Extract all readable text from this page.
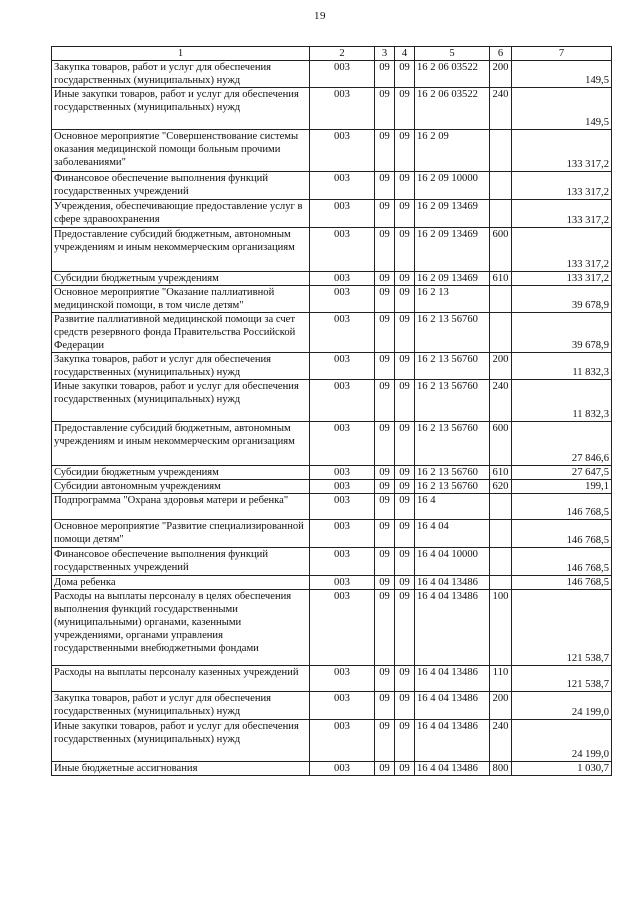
19
1	2	3	4	5	6	7
Закупка товаров, работ и услуг для обеспечения государственных (муниципальных) нужд	003	09	09	16 2 06 03522	200	149,5
Иные закупки товаров, работ и услуг для обеспечения государственных (муниципальных) нужд	003	09	09	16 2 06 03522	240	149,5
Основное мероприятие "Совершенствование системы оказания медицинской помощи больным прочими заболеваниями"	003	09	09	16 2 09		133 317,2
Финансовое обеспечение выполнения функций государственных учреждений	003	09	09	16 2 09 10000		133 317,2
Учреждения, обеспечивающие предоставление услуг в сфере здравоохранения	003	09	09	16 2 09 13469		133 317,2
Предоставление субсидий бюджетным, автономным учреждениям и иным некоммерческим организациям	003	09	09	16 2 09 13469	600	133 317,2
Субсидии бюджетным учреждениям	003	09	09	16 2 09 13469	610	133 317,2
Основное мероприятие "Оказание паллиативной медицинской помощи, в том числе детям"	003	09	09	16 2 13		39 678,9
Развитие паллиативной медицинской помощи за счет средств резервного фонда Правительства Российской Федерации	003	09	09	16 2 13 56760		39 678,9
Закупка товаров, работ и услуг для обеспечения государственных (муниципальных) нужд	003	09	09	16 2 13 56760	200	11 832,3
Иные закупки товаров, работ и услуг для обеспечения государственных (муниципальных) нужд	003	09	09	16 2 13 56760	240	11 832,3
Предоставление субсидий бюджетным, автономным учреждениям и иным некоммерческим организациям	003	09	09	16 2 13 56760	600	27 846,6
Субсидии бюджетным учреждениям	003	09	09	16 2 13 56760	610	27 647,5
Субсидии автономным учреждениям	003	09	09	16 2 13 56760	620	199,1
Подпрограмма "Охрана здоровья матери и ребенка"	003	09	09	16 4		146 768,5
Основное мероприятие "Развитие специализированной помощи детям"	003	09	09	16 4 04		146 768,5
Финансовое обеспечение выполнения функций государственных учреждений	003	09	09	16 4 04 10000		146 768,5
Дома ребенка	003	09	09	16 4 04 13486		146 768,5
Расходы на выплаты персоналу в целях обеспечения выполнения функций государственными (муниципальными) органами, казенными учреждениями, органами управления государственными внебюджетными фондами	003	09	09	16 4 04 13486	100	121 538,7
Расходы на выплаты персоналу казенных учреждений	003	09	09	16 4 04 13486	110	121 538,7
Закупка товаров, работ и услуг для обеспечения государственных (муниципальных) нужд	003	09	09	16 4 04 13486	200	24 199,0
Иные закупки товаров, работ и услуг для обеспечения государственных (муниципальных) нужд	003	09	09	16 4 04 13486	240	24 199,0
Иные бюджетные ассигнования	003	09	09	16 4 04 13486	800	1 030,7
